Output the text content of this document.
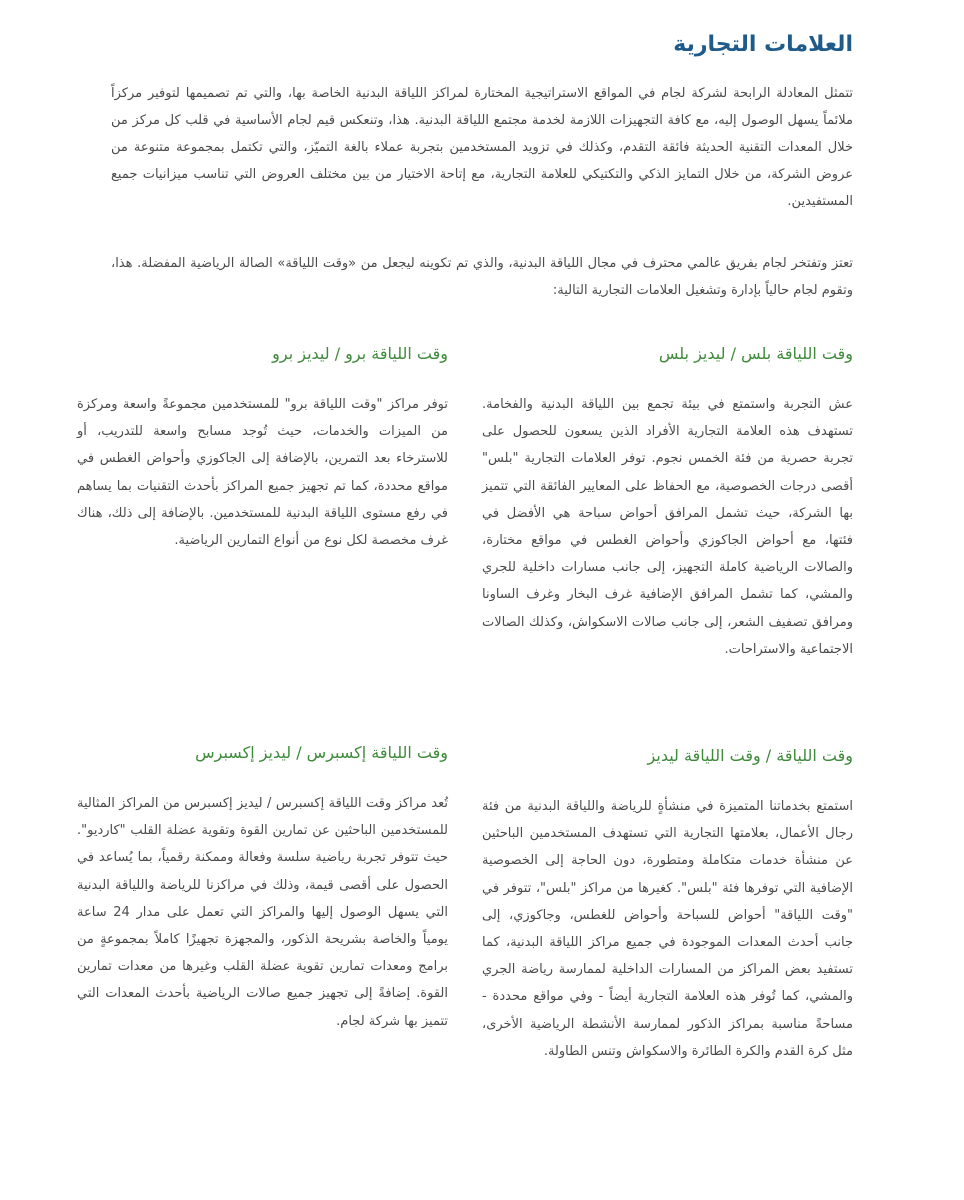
العلامات التجارية

تتمثل المعادلة الرابحة لشركة لجام في المواقع الاستراتيجية المختارة لمراكز اللياقة البدنية الخاصة بها، والتي تم تصميمها لتوفير مركزاً ملائماً يسهل الوصول إليه، مع كافة التجهيزات اللازمة لخدمة مجتمع اللياقة البدنية. هذا، وتنعكس قيم لجام الأساسية في قلب كل مركز من خلال المعدات التقنية الحديثة فائقة التقدم، وكذلك في تزويد المستخدمين بتجربة عملاء بالغة التميّز، والتي تكتمل بمجموعة متنوعة من عروض الشركة، من خلال التمايز الذكي والتكتيكي للعلامة التجارية، مع إتاحة الاختيار من بين مختلف العروض التي تناسب ميزانيات جميع المستفيدين.

تعتز وتفتخر لجام بفريق عالمي محترف في مجال اللياقة البدنية، والذي تم تكوينه ليجعل من «وقت اللياقة» الصالة الرياضية المفضلة. هذا، وتقوم لجام حالياً بإدارة وتشغيل العلامات التجارية التالية:

وقت اللياقة بلس / ليديز بلس

عش التجربة واستمتع في بيئة تجمع بين اللياقة البدنية والفخامة. تستهدف هذه العلامة التجارية الأفراد الذين يسعون للحصول على تجربة حصرية من فئة الخمس نجوم. توفر العلامات التجارية "بلس" أقصى درجات الخصوصية، مع الحفاظ على المعايير الفائقة التي تتميز بها الشركة، حيث تشمل المرافق أحواض سباحة هي الأفضل في فئتها، مع أحواض الجاكوزي وأحواض الغطس في مواقع مختارة، والصالات الرياضية كاملة التجهيز، إلى جانب مسارات داخلية للجري والمشي، كما تشمل المرافق الإضافية غرف البخار وغرف الساونا ومرافق تصفيف الشعر، إلى جانب صالات الاسكواش، وكذلك الصالات الاجتماعية والاستراحات.

وقت اللياقة برو / ليديز برو

توفر مراكز "وقت اللياقة برو" للمستخدمين مجموعةً واسعة ومركزة من الميزات والخدمات، حيث تُوجد مسابح واسعة للتدريب، أو للاسترخاء بعد التمرين، بالإضافة إلى الجاكوزي وأحواض الغطس في مواقع محددة، كما تم تجهيز جميع المراكز بأحدث التقنيات بما يساهم في رفع مستوى اللياقة البدنية للمستخدمين. بالإضافة إلى ذلك، هناك غرف مخصصة لكل نوع من أنواع التمارين الرياضية.

وقت اللياقة / وقت اللياقة ليديز

استمتع بخدماتنا المتميزة في منشأةٍ للرياضة واللياقة البدنية من فئة رجال الأعمال، بعلامتها التجارية التي تستهدف المستخدمين الباحثين عن منشأة خدمات متكاملة ومتطورة، دون الحاجة إلى الخصوصية الإضافية التي توفرها فئة "بلس". كغيرها من مراكز "بلس"، تتوفر في "وقت اللياقة" أحواض للسباحة وأحواض للغطس، وجاكوزي، إلى جانب أحدث المعدات الموجودة في جميع مراكز اللياقة البدنية، كما تستفيد بعض المراكز من المسارات الداخلية لممارسة رياضة الجري والمشي، كما تُوفر هذه العلامة التجارية أيضاً - وفي مواقع محددة - مساحةً مناسبة بمراكز الذكور لممارسة الأنشطة الرياضية الأخرى، مثل كرة القدم والكرة الطائرة والاسكواش وتنس الطاولة.

وقت اللياقة إكسبرس / ليديز إكسبرس

تُعد مراكز وقت اللياقة إكسبرس / ليديز إكسبرس من المراكز المثالية للمستخدمين الباحثين عن تمارين القوة وتقوية عضلة القلب "كارديو". حيث تتوفر تجربة رياضية سلسة وفعالة وممكنة رقمياً، بما يُساعد في الحصول على أقصى قيمة، وذلك في مراكزنا للرياضة واللياقة البدنية التي يسهل الوصول إليها والمراكز التي تعمل على مدار 24 ساعة يومياً والخاصة بشريحة الذكور، والمجهزة تجهيزًا كاملاً بمجموعةٍ من برامج ومعدات تمارين تقوية عضلة القلب وغيرها من معدات تمارين القوة. إضافةً إلى تجهيز جميع صالات الرياضية بأحدث المعدات التي تتميز بها شركة لجام.
